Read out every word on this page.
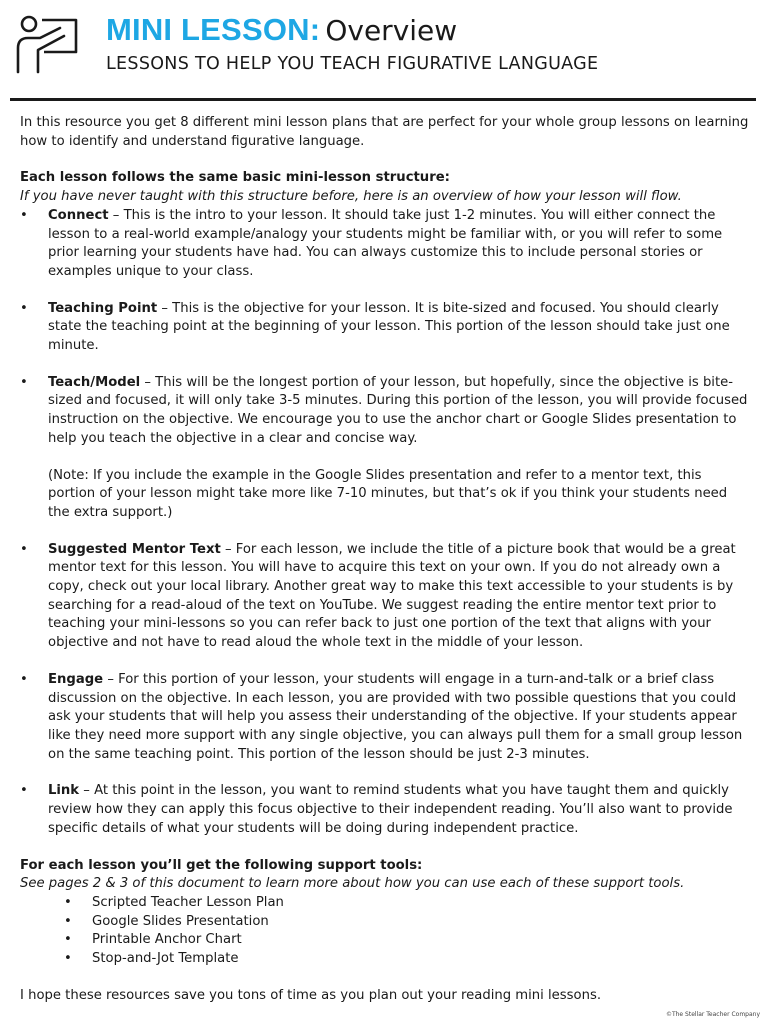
MINI LESSON: Overview
LESSONS TO HELP YOU TEACH FIGURATIVE LANGUAGE

In this resource you get 8 different mini lesson plans that are perfect for your whole group lessons on learning how to identify and understand figurative language.

Each lesson follows the same basic mini-lesson structure:

If you have never taught with this structure before, here is an overview of how your lesson will flow.

• Connect – This is the intro to your lesson. It should take just 1-2 minutes. You will either connect the lesson to a real-world example/analogy your students might be familiar with, or you will refer to some prior learning your students have had. You can always customize this to include personal stories or examples unique to your class.
• Teaching Point – This is the objective for your lesson. It is bite-sized and focused. You should clearly state the teaching point at the beginning of your lesson. This portion of the lesson should take just one minute.
• Teach/Model – This will be the longest portion of your lesson, but hopefully, since the objective is bite-sized and focused, it will only take 3-5 minutes. During this portion of the lesson, you will provide focused instruction on the objective. We encourage you to use the anchor chart or Google Slides presentation to help you teach the objective in a clear and concise way.
(Note: If you include the example in the Google Slides presentation and refer to a mentor text, this portion of your lesson might take more like 7-10 minutes, but that’s ok if you think your students need the extra support.)
• Suggested Mentor Text – For each lesson, we include the title of a picture book that would be a great mentor text for this lesson. You will have to acquire this text on your own. If you do not already own a copy, check out your local library. Another great way to make this text accessible to your students is by searching for a read-aloud of the text on YouTube. We suggest reading the entire mentor text prior to teaching your mini-lessons so you can refer back to just one portion of the text that aligns with your objective and not have to read aloud the whole text in the middle of your lesson.
• Engage – For this portion of your lesson, your students will engage in a turn-and-talk or a brief class discussion on the objective. In each lesson, you are provided with two possible questions that you could ask your students that will help you assess their understanding of the objective. If your students appear like they need more support with any single objective, you can always pull them for a small group lesson on the same teaching point. This portion of the lesson should be just 2-3 minutes.
• Link – At this point in the lesson, you want to remind students what you have taught them and quickly review how they can apply this focus objective to their independent reading. You’ll also want to provide specific details of what your students will be doing during independent practice.

For each lesson you’ll get the following support tools:

See pages 2 & 3 of this document to learn more about how you can use each of these support tools.

• Scripted Teacher Lesson Plan
• Google Slides Presentation
• Printable Anchor Chart
• Stop-and-Jot Template

I hope these resources save you tons of time as you plan out your reading mini lessons.

©The Stellar Teacher Company
